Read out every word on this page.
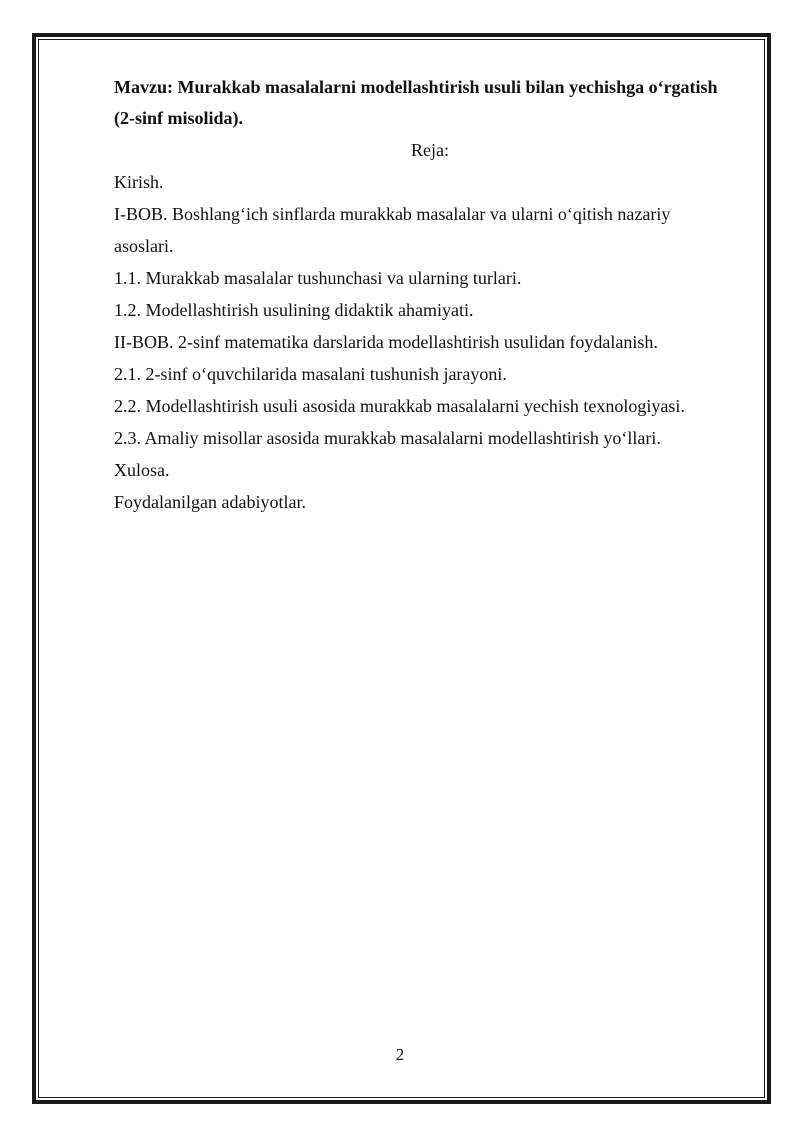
Mavzu: Murakkab masalalarni modellashtirish usuli bilan yechishga o‘rgatish
(2-sinf misolida).
Reja:
Kirish.
I-BOB. Boshlang‘ich sinflarda murakkab masalalar va ularni o‘qitish nazariy
asoslari.
1.1. Murakkab masalalar tushunchasi va ularning turlari.
1.2. Modellashtirish usulining didaktik ahamiyati.
II-BOB. 2-sinf matematika darslarida modellashtirish usulidan foydalanish.
2.1. 2-sinf o‘quvchilarida masalani tushunish jarayoni.
2.2. Modellashtirish usuli asosida murakkab masalalarni yechish texnologiyasi.
2.3. Amaliy misollar asosida murakkab masalalarni modellashtirish yo‘llari.
Xulosa.
Foydalanilgan adabiyotlar.
2
